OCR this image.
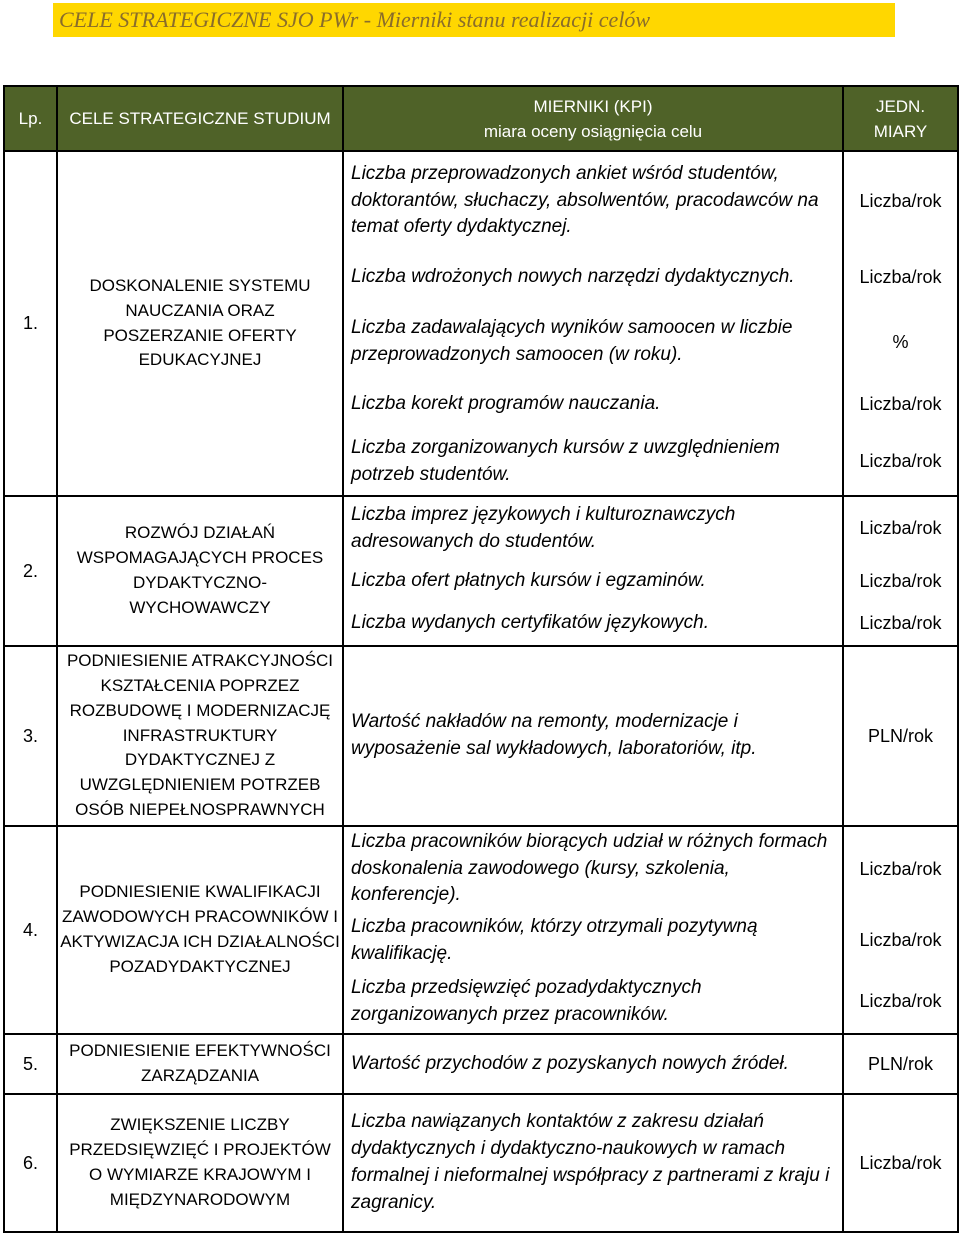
CELE STRATEGICZNE SJO PWr - Mierniki stanu realizacji celów
Lp. CELE STRATEGICZNE STUDIUM
MIERNIKI (KPI)
miara oceny osiągnięcia celu
JEDN.
MIARY
1.
2.
3.
4.
5.
6.
DOSKONALENIE SYSTEMU NAUCZANIA ORAZ POSZERZANIE OFERTY EDUKACYJNEJ
ROZWÓJ DZIAŁAŃ WSPOMAGAJĄCYCH PROCES DYDAKTYCZNO-WYCHOWAWCZY
PODNIESIENIE ATRAKCYJNOŚCI KSZTAŁCENIA POPRZEZ ROZBUDOWĘ I MODERNIZACJĘ INFRASTRUKTURY DYDAKTYCZNEJ Z UWZGLĘDNIENIEM POTRZEB OSÓB NIEPEŁNOSPRAWNYCH
PODNIESIENIE KWALIFIKACJI ZAWODOWYCH PRACOWNIKÓW I AKTYWIZACJA ICH DZIAŁALNOŚCI POZADYDAKTYCZNEJ
PODNIESIENIE EFEKTYWNOŚCI ZARZĄDZANIA
ZWIĘKSZENIE LICZBY PRZEDSIĘWZIĘĆ I PROJEKTÓW O WYMIARZE KRAJOWYM I MIĘDZYNARODOWYM
Liczba przeprowadzonych ankiet wśród studentów, doktorantów, słuchaczy, absolwentów, pracodawców na temat oferty dydaktycznej.
Liczba wdrożonych nowych narzędzi dydaktycznych.
Liczba zadawalających wyników samoocen w liczbie przeprowadzonych samoocen (w roku).
Liczba korekt programów nauczania.
Liczba zorganizowanych kursów z uwzględnieniem potrzeb studentów.
Liczba imprez językowych i kulturoznawczych adresowanych do studentów.
Liczba ofert płatnych kursów i egzaminów.
Liczba wydanych certyfikatów językowych.
Wartość nakładów na remonty, modernizacje i wyposażenie sal wykładowych, laboratoriów, itp.
Liczba pracowników biorących udział w różnych formach doskonalenia zawodowego (kursy, szkolenia, konferencje).
Liczba pracowników, którzy otrzymali pozytywną kwalifikację.
Liczba przedsięwzięć pozadydaktycznych zorganizowanych przez pracowników.
Wartość przychodów z pozyskanych nowych źródeł.
Liczba nawiązanych kontaktów z zakresu działań dydaktycznych i dydaktyczno-naukowych w ramach formalnej i nieformalnej współpracy z partnerami z kraju i zagranicy.
Liczba/rok
Liczba/rok
%
Liczba/rok
Liczba/rok
Liczba/rok
Liczba/rok
Liczba/rok
PLN/rok
Liczba/rok
Liczba/rok
Liczba/rok
PLN/rok
Liczba/rok
